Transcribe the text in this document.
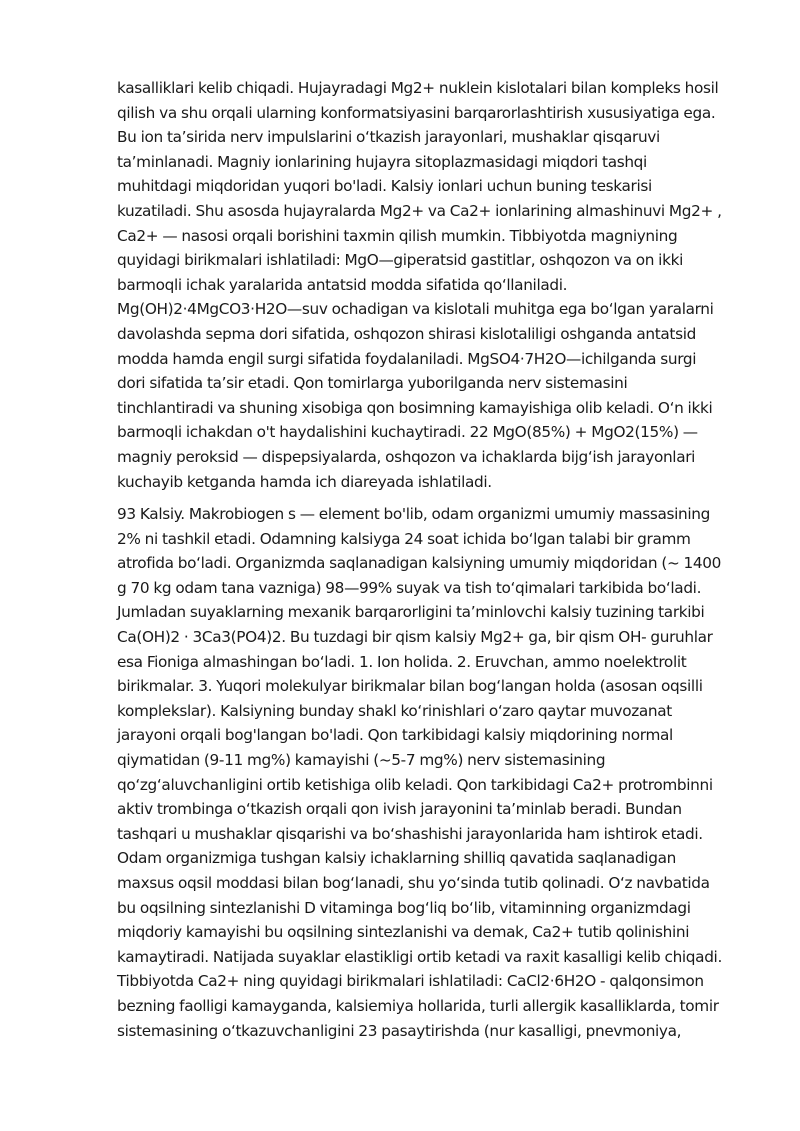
kasalliklari kelib chiqadi. Hujayradagi Mg2+ nuklein kislotalari bilan kompleks hosil
qilish va shu orqali ularning konformatsiyasini barqarorlashtirish xususiyatiga ega.
Bu ion ta’sirida nerv impulslarini o‘tkazish jarayonlari, mushaklar qisqaruvi
ta’minlanadi. Magniy ionlarining hujayra sitoplazmasidagi miqdori tashqi
muhitdagi miqdoridan yuqori bo'ladi. Kalsiy ionlari uchun buning teskarisi
kuzatiladi. Shu asosda hujayralarda Mg2+ va Ca2+ ionlarining almashinuvi Mg2+ ,
Ca2+ — nasosi orqali borishini taxmin qilish mumkin. Tibbiyotda magniyning
quyidagi birikmalari ishlatiladi: MgO—giperatsid gastitlar, oshqozon va on ikki
barmoqli ichak yaralarida antatsid modda sifatida qo‘llaniladi.
Mg(OH)2·4MgCO3·H2O—suv ochadigan va kislotali muhitga ega bo‘lgan yaralarni
davolashda sepma dori sifatida, oshqozon shirasi kislotaliligi oshganda antatsid
modda hamda engil surgi sifatida foydalaniladi. MgSO4·7H2O—ichilganda surgi
dori sifatida ta’sir etadi. Qon tomirlarga yuborilganda nerv sistemasini
tinchlantiradi va shuning xisobiga qon bosimning kamayishiga olib keladi. O‘n ikki
barmoqli ichakdan o't haydalishini kuchaytiradi. 22 MgO(85%) + MgO2(15%) —
magniy peroksid — dispepsiyalarda, oshqozon va ichaklarda bijg‘ish jarayonlari
kuchayib ketganda hamda ich diareyada ishlatiladi.

93 Kalsiy. Makrobiogen s — element bo'lib, odam organizmi umumiy massasining
2% ni tashkil etadi. Odamning kalsiyga 24 soat ichida bo‘lgan talabi bir gramm
atrofida bo‘ladi. Organizmda saqlanadigan kalsiyning umumiy miqdoridan (~ 1400
g 70 kg odam tana vazniga) 98—99% suyak va tish to‘qimalari tarkibida bo‘ladi.
Jumladan suyaklarning mexanik barqarorligini ta’minlovchi kalsiy tuzining tarkibi
Ca(OH)2 · 3Ca3(PO4)2. Bu tuzdagi bir qism kalsiy Mg2+ ga, bir qism OH- guruhlar
esa Fioniga almashingan bo‘ladi. 1. Ion holida. 2. Eruvchan, ammo noelektrolit
birikmalar. 3. Yuqori molekulyar birikmalar bilan bog‘langan holda (asosan oqsilli
komplekslar). Kalsiyning bunday shakl ko‘rinishlari o‘zaro qaytar muvozanat
jarayoni orqali bog'langan bo'ladi. Qon tarkibidagi kalsiy miqdorining normal
qiymatidan (9-11 mg%) kamayishi (~5-7 mg%) nerv sistemasining
qo‘zg‘aluvchanligini ortib ketishiga olib keladi. Qon tarkibidagi Ca2+ protrombinni
aktiv trombinga o‘tkazish orqali qon ivish jarayonini ta’minlab beradi. Bundan
tashqari u mushaklar qisqarishi va bo‘shashishi jarayonlarida ham ishtirok etadi.
Odam organizmiga tushgan kalsiy ichaklarning shilliq qavatida saqlanadigan
maxsus oqsil moddasi bilan bog‘lanadi, shu yo‘sinda tutib qolinadi. O‘z navbatida
bu oqsilning sintezlanishi D vitaminga bog‘liq bo‘lib, vitaminning organizmdagi
miqdoriy kamayishi bu oqsilning sintezlanishi va demak, Ca2+ tutib qolinishini
kamaytiradi. Natijada suyaklar elastikligi ortib ketadi va raxit kasalligi kelib chiqadi.
Tibbiyotda Ca2+ ning quyidagi birikmalari ishlatiladi: CaCl2·6H2O - qalqonsimon
bezning faolligi kamayganda, kalsiemiya hollarida, turli allergik kasalliklarda, tomir
sistemasining o‘tkazuvchanligini 23 pasaytirishda (nur kasalligi, pnevmoniya,
